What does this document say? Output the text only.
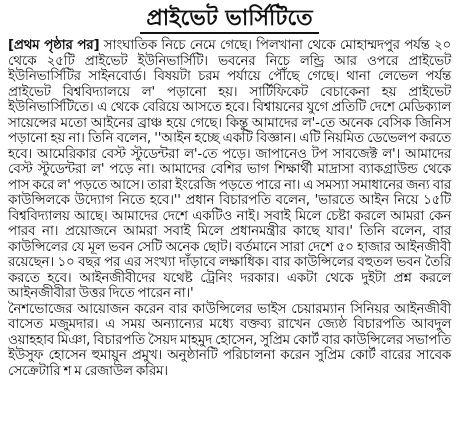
প্রাইভেট ভার্সিটিতে

[প্রথম পৃষ্ঠার পর] সাংঘাতিক নিচে নেমে গেছে। পিলখানা থেকে মোহাম্মদপুর পর্যন্ত ২০ থেকে ২৫টি প্রাইভেট ইউনিভার্সিটি। ভবনের নিচে লন্ড্রি আর ওপরে প্রাইভেট ইউনিভার্সিটির সাইনবোর্ড। বিষয়টা চরম পর্যায়ে পৌঁছে গেছে। থানা লেভেল পর্যন্ত প্রাইভেট বিশ্ববিদ্যালয়ে ল' পড়ানো হয়। সার্টিফিকেট বেচাকেনা হয় প্রাইভেট ইউনিভার্সিটিতে। এ থেকে বেরিয়ে আসতে হবে। বিশ্বায়নের যুগে প্রতিটি দেশে মেডিক্যাল সায়েন্সের মতো আইনের ব্রাঞ্চ হয়ে গেছে। কিন্তু আমাদের ল'-তে অনেক বেসিক জিনিস পড়ানো হয় না। তিনি বলেন, ''আইন হচ্ছে একটি বিজ্ঞান। এটি নিয়মিত ডেভেলপ করতে হবে। আমেরিকার বেস্ট স্টুডেন্টরা ল'-তে পড়ে। জাপানেও টপ সাবজেক্ট ল'। আমাদের বেস্ট স্টুডেন্টরা ল' পড়ে না। আমাদের বেশির ভাগ শিক্ষার্থী মাদ্রাসা ব্যাকগ্রাউন্ড থেকে পাস করে ল' পড়তে আসে। তারা ইংরেজি পড়তে পারে না। এ সমস্যা সমাধানের জন্য বার কাউন্সিলকে উদ্যোগ নিতে হবে।'' প্রধান বিচারপতি বলেন, 'ভারতে আইন নিয়ে ১৫টি বিশ্ববিদ্যালয় আছে। আমাদের দেশে একটিও নাই। সবাই মিলে চেষ্টা করলে আমরা কেন পারব না। প্রয়োজনে আমরা সবাই মিলে প্রধানমন্ত্রীর কাছে যাব।' তিনি বলেন, বার কাউন্সিলের যে মূল ভবন সেটি অনেক ছোট। বর্তমানে সারা দেশে ৫০ হাজার আইনজীবী রয়েছেন। ১০ বছর পর এর সংখ্যা দাঁড়াবে লক্ষাধিক। বার কাউন্সিলের বহুতল ভবন তৈরি করতে হবে। আইনজীবীদের যথেষ্ট ট্রেনিং দরকার। একটা থেকে দুইটা প্রশ্ন করলে আইনজীবীরা উত্তর দিতে পারেন না।'

নৈশভোজের আয়োজন করেন বার কাউন্সিলের ভাইস চেয়ারম্যান সিনিয়র আইনজীবী বাসেত মজুমদার। এ সময় অন্যান্যের মধ্যে বক্তব্য রাখেন জ্যেষ্ঠ বিচারপতি আবদুল ওয়াহহাব মিঞা, বিচারপতি সৈয়দ মাহমুদ হোসেন, সুপ্রিম কোর্ট বার কাউন্সিলের সভাপতি ইউসুফ হোসেন হুমায়ুন প্রমুখ। অনুষ্ঠানটি পরিচালনা করেন সুপ্রিম কোর্ট বারের সাবেক সেক্রেটারি শ ম রেজাউল করিম।
